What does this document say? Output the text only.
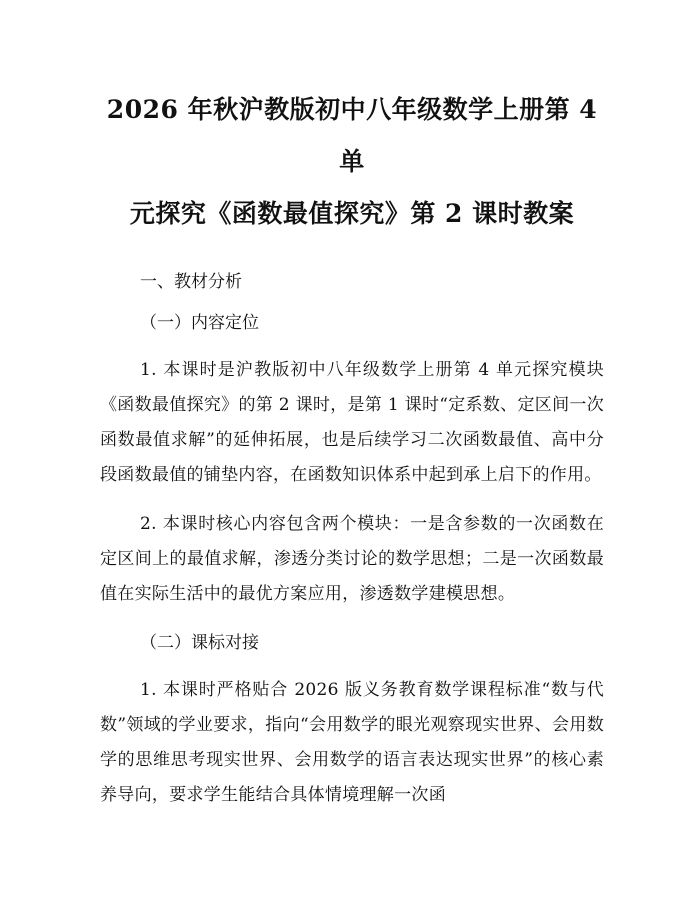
2026 年秋沪教版初中八年级数学上册第 4 单
元探究《函数最值探究》第 2 课时教案

一、教材分析

（一）内容定位

1. 本课时是沪教版初中八年级数学上册第 4 单元探究模块《函数最值探究》的第 2 课时，是第 1 课时“定系数、定区间一次函数最值求解”的延伸拓展，也是后续学习二次函数最值、高中分段函数最值的铺垫内容，在函数知识体系中起到承上启下的作用。

2. 本课时核心内容包含两个模块：一是含参数的一次函数在定区间上的最值求解，渗透分类讨论的数学思想；二是一次函数最值在实际生活中的最优方案应用，渗透数学建模思想。

（二）课标对接

1. 本课时严格贴合 2026 版义务教育数学课程标准“数与代数”领域的学业要求，指向“会用数学的眼光观察现实世界、会用数学的思维思考现实世界、会用数学的语言表达现实世界”的核心素养导向，要求学生能结合具体情境理解一次函
